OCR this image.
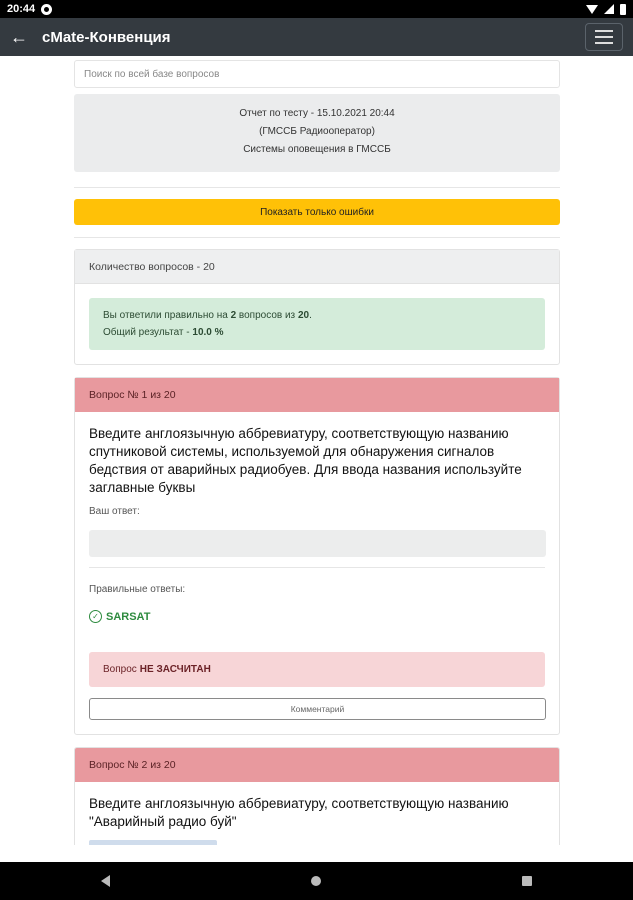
20:44
← cMate-Конвенция
Поиск по всей базе вопросов
Отчет по тесту - 15.10.2021 20:44
(ГМССБ Радиооператор)
Системы оповещения в ГМССБ
Показать только ошибки
Количество вопросов - 20
Вы ответили правильно на 2 вопросов из 20.
Общий результат - 10.0 %
Вопрос № 1 из 20
Введите англоязычную аббревиатуру, соответствующую названию спутниковой системы, используемой для обнаружения сигналов бедствия от аварийных радиобуев. Для ввода названия используйте заглавные буквы
Ваш ответ:
Правильные ответы:
✓ SARSAT
Вопрос НЕ ЗАСЧИТАН
Комментарий
Вопрос № 2 из 20
Введите англоязычную аббревиатуру, соответствующую названию "Аварийный радио буй"
